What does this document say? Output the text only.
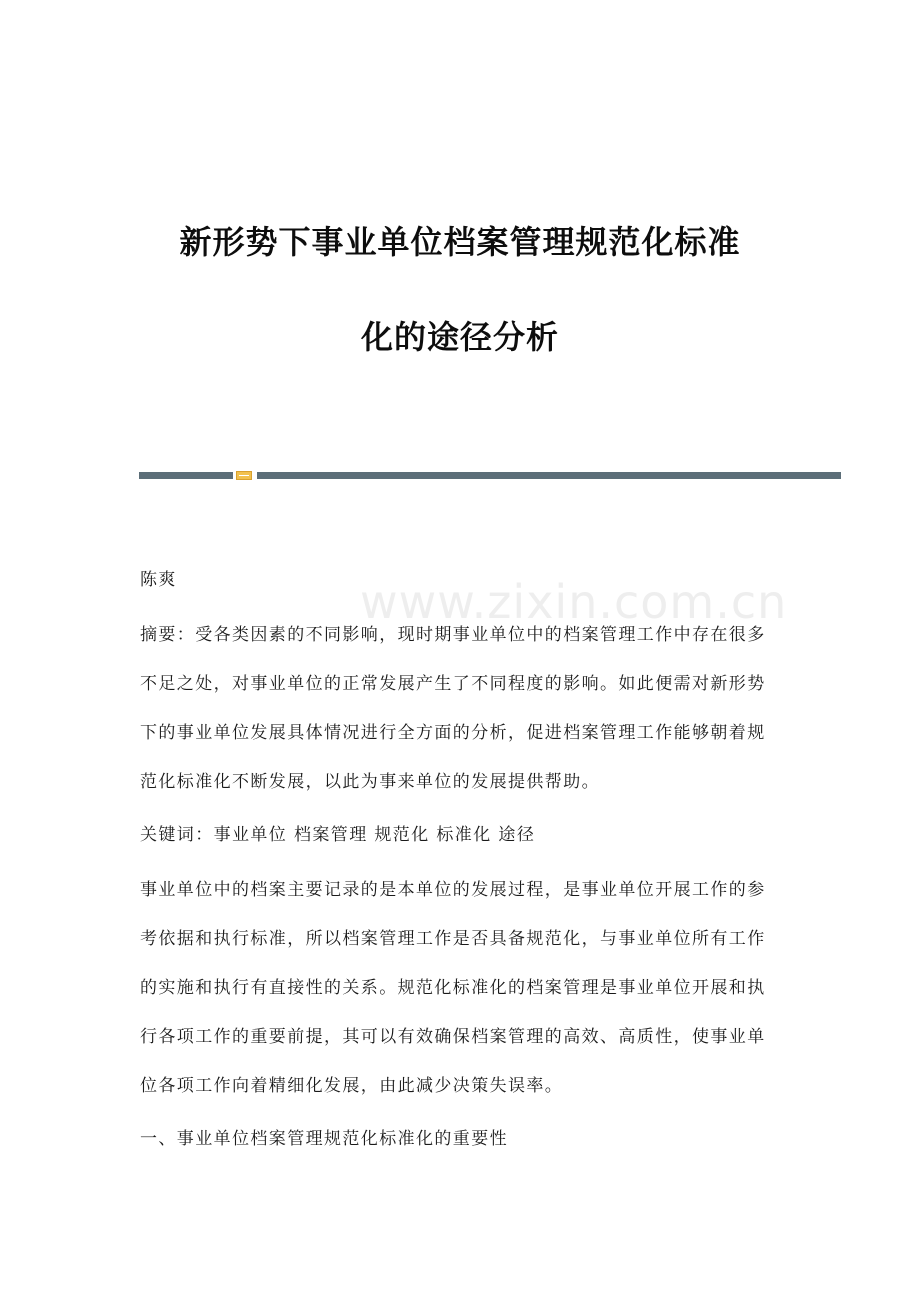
新形势下事业单位档案管理规范化标准
化的途径分析
www.zixin.com.cn
陈爽
摘要：受各类因素的不同影响，现时期事业单位中的档案管理工作中存在很多不足之处，对事业单位的正常发展产生了不同程度的影响。如此便需对新形势下的事业单位发展具体情况进行全方面的分析，促进档案管理工作能够朝着规范化标准化不断发展，以此为事来单位的发展提供帮助。
关键词：事业单位 档案管理 规范化 标准化 途径
事业单位中的档案主要记录的是本单位的发展过程，是事业单位开展工作的参考依据和执行标准，所以档案管理工作是否具备规范化，与事业单位所有工作的实施和执行有直接性的关系。规范化标准化的档案管理是事业单位开展和执行各项工作的重要前提，其可以有效确保档案管理的高效、高质性，使事业单位各项工作向着精细化发展，由此减少决策失误率。
一、事业单位档案管理规范化标准化的重要性
